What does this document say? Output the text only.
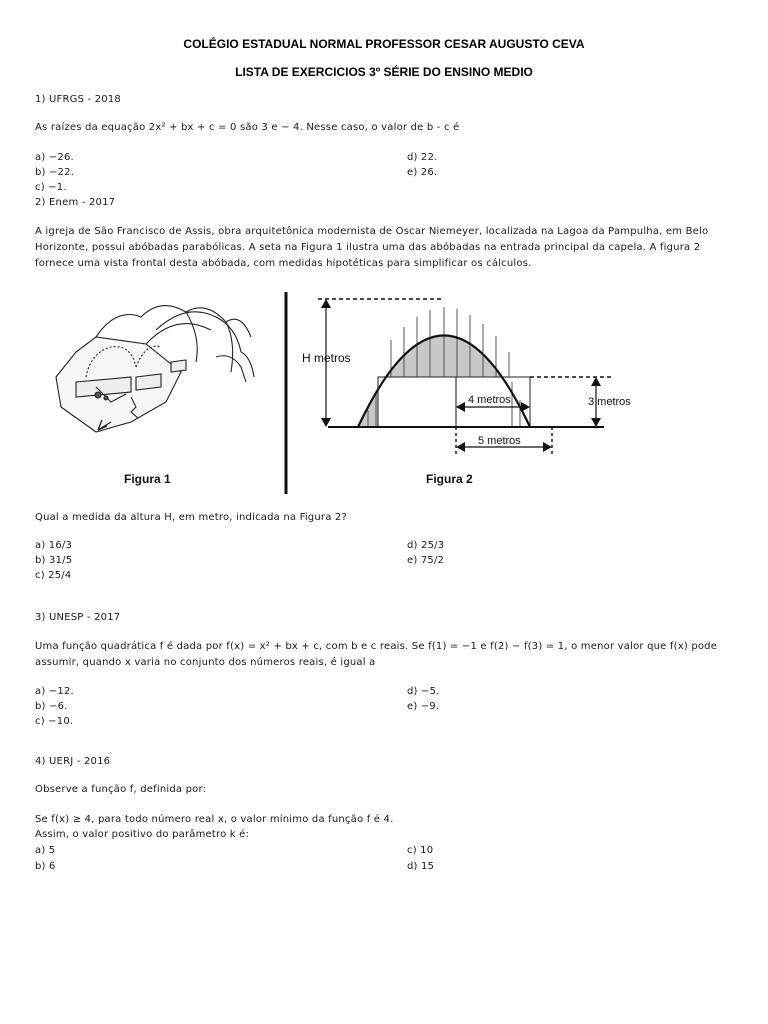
COLÉGIO ESTADUAL NORMAL PROFESSOR CESAR AUGUSTO CEVA
LISTA DE EXERCICIOS 3º SÉRIE DO ENSINO MEDIO
1) UFRGS - 2018
As raízes da equação 2x² + bx + c = 0 são 3 e − 4. Nesse caso, o valor de b - c é
a) −26.
b) −22.
c) −1.
d) 22.
e) 26.
2) Enem - 2017
A igreja de São Francisco de Assis, obra arquitetônica modernista de Oscar Niemeyer, localizada na Lagoa da Pampulha, em Belo
Horizonte, possui abóbadas parabólicas. A seta na Figura 1 ilustra uma das abóbadas na entrada principal da capela. A figura 2
fornece uma vista frontal desta abóbada, com medidas hipotéticas para simplificar os cálculos.
H metros
4 metros	3 metros
5 metros
Figura 1	Figura 2
Qual a medida da altura H, em metro, indicada na Figura 2?
a) 16/3
b) 31/5
c) 25/4
d) 25/3
e) 75/2
3) UNESP - 2017
Uma função quadrática f é dada por f(x) = x² + bx + c, com b e c reais. Se f(1) = −1 e f(2) − f(3) = 1, o menor valor que f(x) pode
assumir, quando x varia no conjunto dos números reais, é igual a
a) −12.
b) −6.
c) −10.
d) −5.
e) −9.
4) UERJ - 2016
Observe a função f, definida por:
Se f(x) ≥ 4, para todo número real x, o valor mínimo da função f é 4.
Assim, o valor positivo do parâmetro k é:
a) 5
b) 6
c) 10
d) 15
